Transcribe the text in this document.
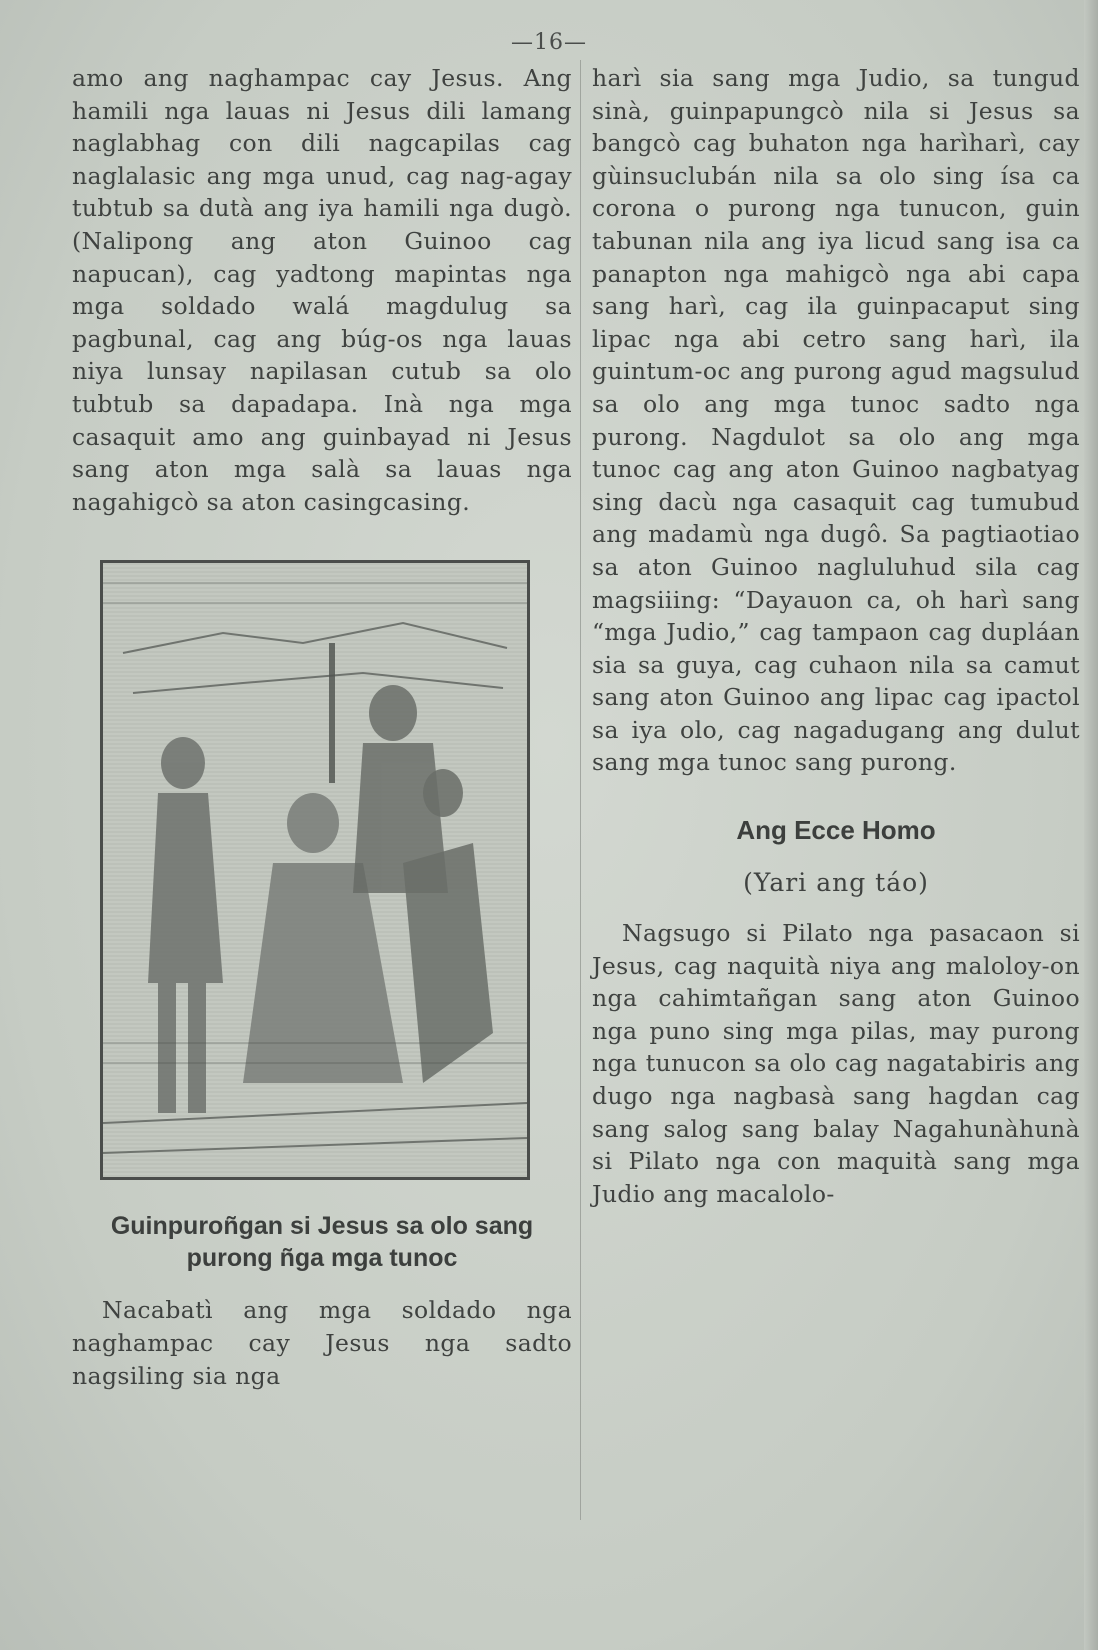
—16—

amo ang naghampac cay Jesus. Ang hamili nga lauas ni Jesus dili lamang naglabhag con dili nagcapilas cag naglalasic ang mga unud, cag nag-agay tubtub sa dutà ang iya hamili nga dugò. (Nalipong ang aton Guinoo cag napucan), cag yadtong mapintas nga mga soldado walá magdulug sa pagbunal, cag ang búg-os nga lauas niya lunsay napilasan cutub sa olo tubtub sa dapadapa. Inà nga mga casaquit amo ang guinbayad ni Jesus sang aton mga salà sa lauas nga nagahigcò sa aton casingcasing.

Guinpuroñgan si Jesus sa olo sang purong ñga mga tunoc

Nacabatì ang mga soldado nga naghampac cay Jesus nga sadto nagsiling sia nga

harì sia sang mga Judio, sa tungud sinà, guinpapungcò nila si Jesus sa bangcò cag buhaton nga harìharì, cay gùinsuclubán nila sa olo sing ísa ca corona o purong nga tunucon, guin tabunan nila ang iya licud sang isa ca panapton nga mahigcò nga abi capa sang harì, cag ila guinpacaput sing lipac nga abi cetro sang harì, ila guintum-oc ang purong agud magsulud sa olo ang mga tunoc sadto nga purong. Nagdulot sa olo ang mga tunoc cag ang aton Guinoo nagbatyag sing dacù nga casaquit cag tumubud ang madamù nga dugô. Sa pagtiaotiao sa aton Guinoo nagluluhud sila cag magsiiing: “Dayauon ca, oh harì sang “mga Judio,” cag tampaon cag dupláan sia sa guya, cag cuhaon nila sa camut sang aton Guinoo ang lipac cag ipactol sa iya olo, cag nagadugang ang dulut sang mga tunoc sang purong.

Ang Ecce Homo
(Yari ang táo)

Nagsugo si Pilato nga pasacaon si Jesus, cag naquità niya ang maloloy-on nga cahimtañgan sang aton Guinoo nga puno sing mga pilas, may purong nga tunucon sa olo cag nagatabiris ang dugo nga nagbasà sang hagdan cag sang salog sang balay Nagahunàhunà si Pilato nga con maquità sang mga Judio ang macalolo-
